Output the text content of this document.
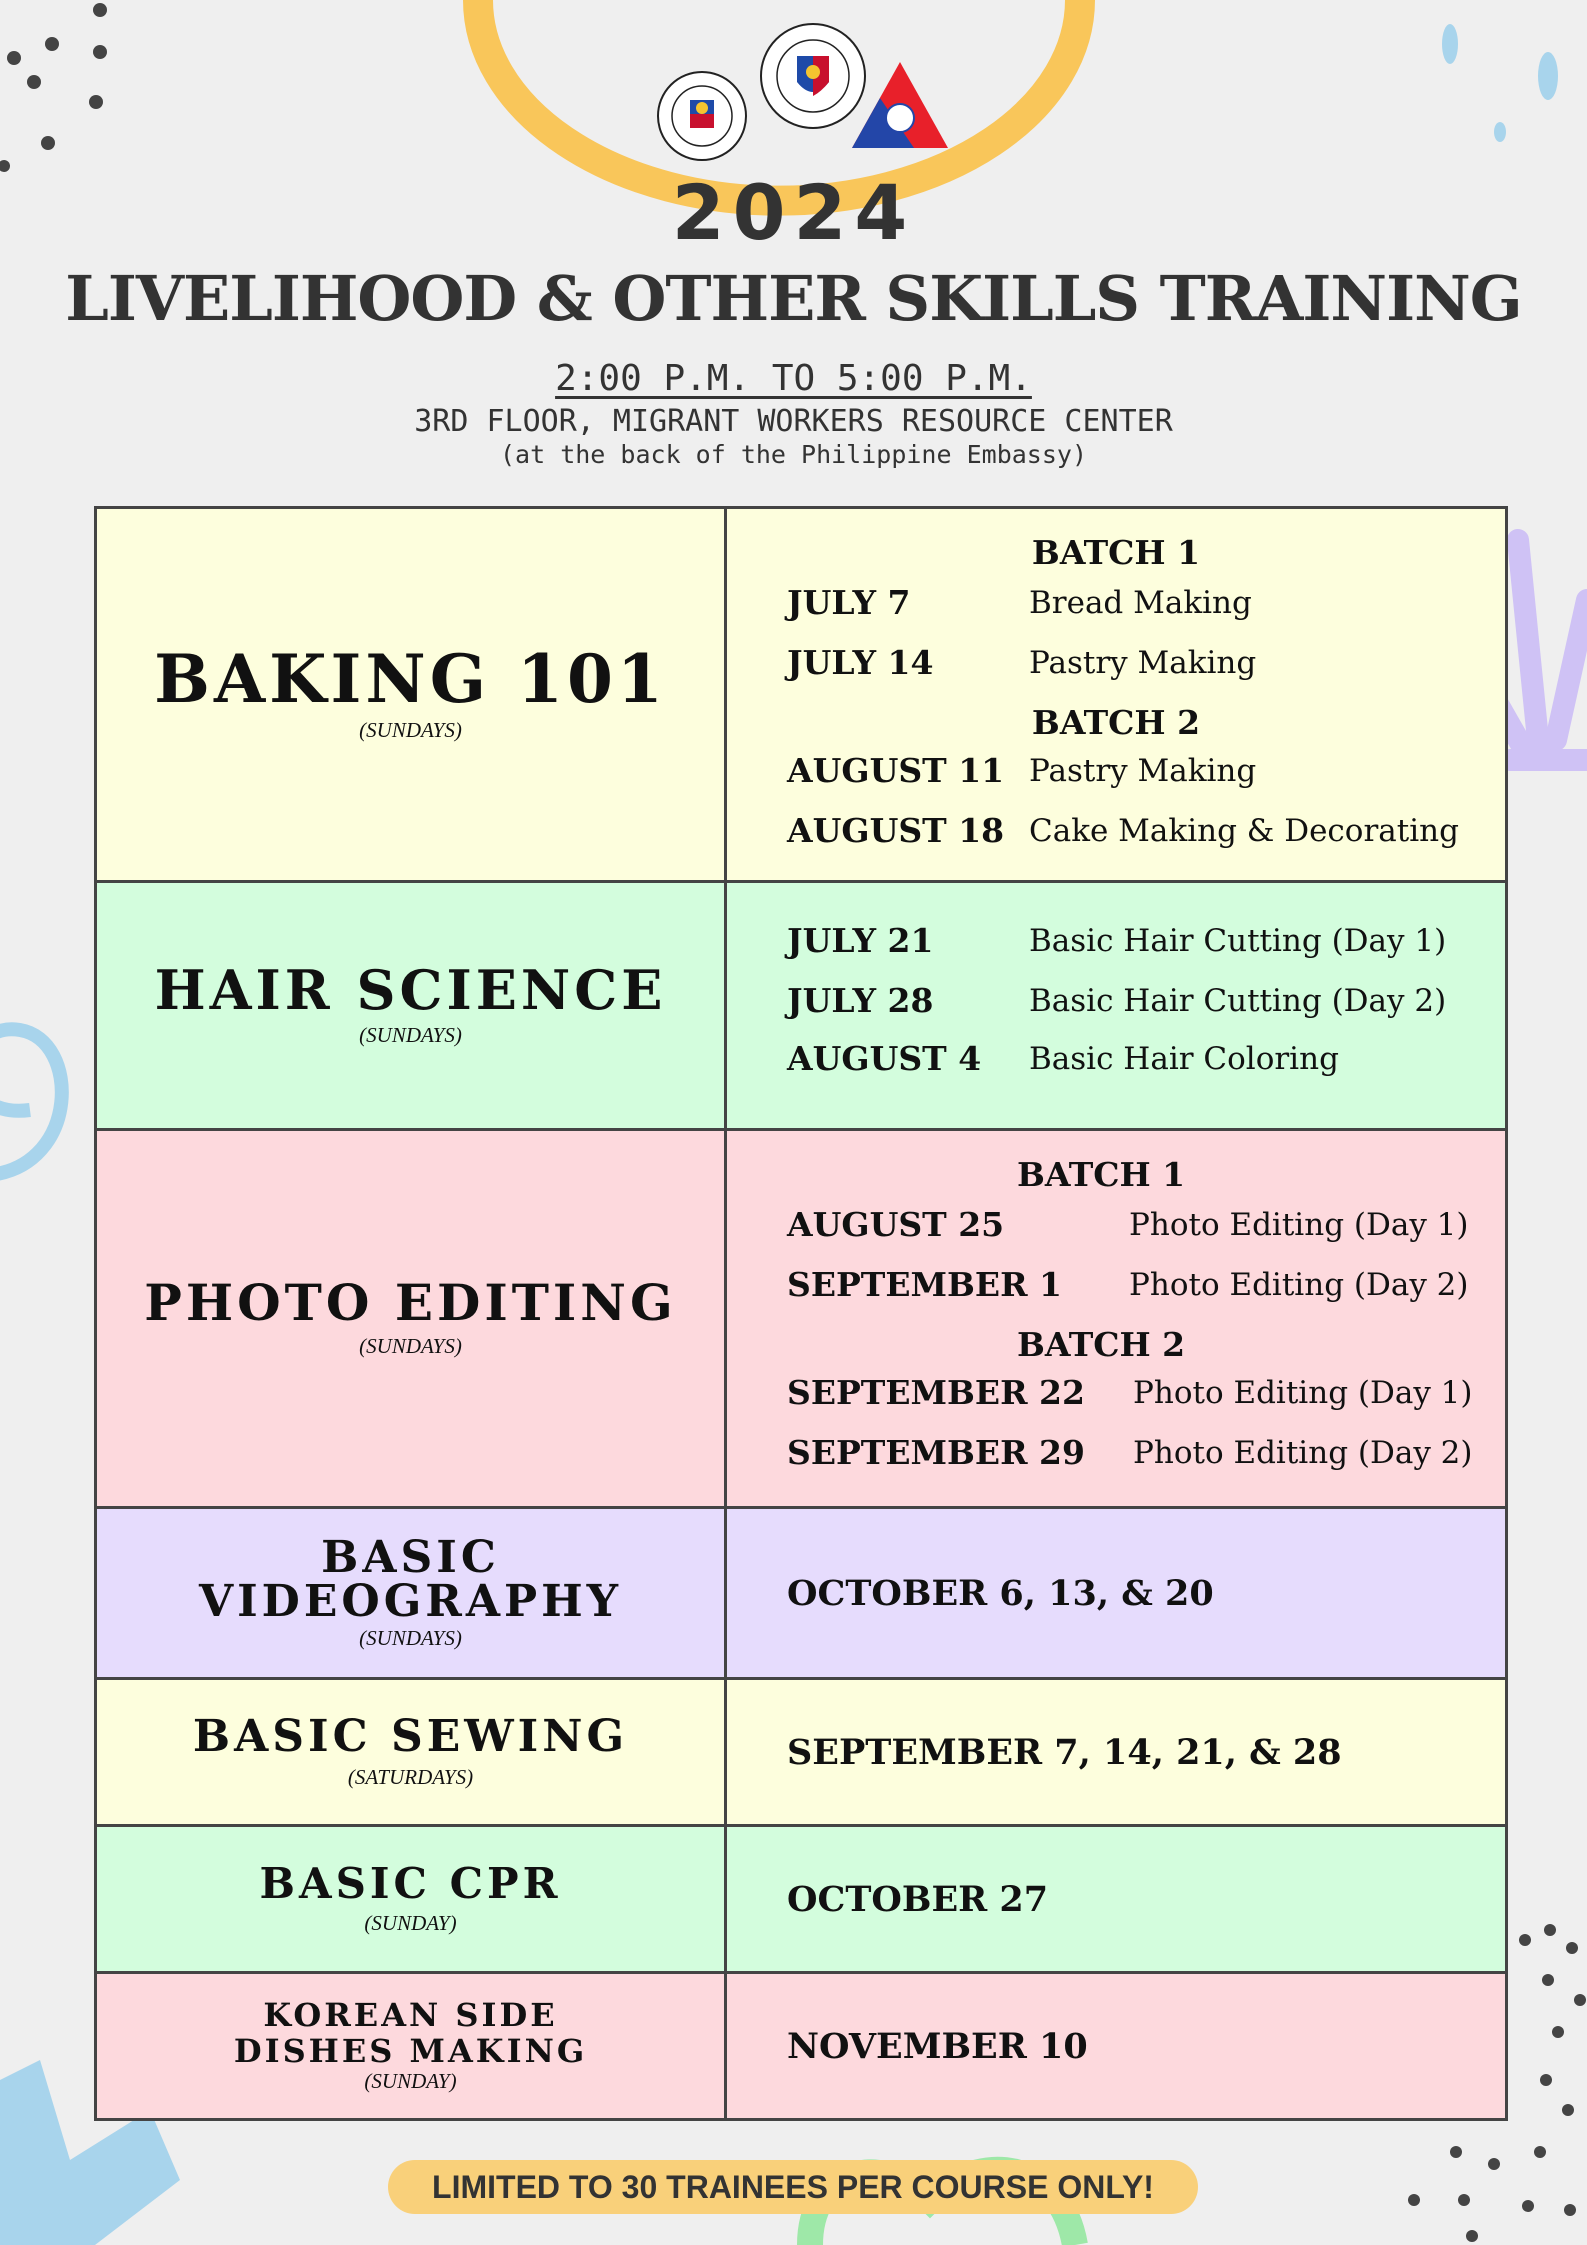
2024
LIVELIHOOD & OTHER SKILLS TRAINING
2:00 P.M. TO 5:00 P.M.
3RD FLOOR, MIGRANT WORKERS RESOURCE CENTER
(at the back of the Philippine Embassy)
BAKING 101
(SUNDAYS)
BATCH 1
JULY 7	Bread Making
JULY 14	Pastry Making
BATCH 2
AUGUST 11 Pastry Making
AUGUST 18 Cake Making & Decorating
HAIR SCIENCE
(SUNDAYS)
JULY 21	Basic Hair Cutting (Day 1)
JULY 28	Basic Hair Cutting (Day 2)
AUGUST 4 Basic Hair Coloring
PHOTO EDITING
(SUNDAYS)
BATCH 1
AUGUST 25	Photo Editing (Day 1)
SEPTEMBER 1 Photo Editing (Day 2)
BATCH 2
SEPTEMBER 22 Photo Editing (Day 1)
SEPTEMBER 29 Photo Editing (Day 2)
BASIC
VIDEOGRAPHY
(SUNDAYS)
OCTOBER 6, 13, & 20
BASIC SEWING
(SATURDAYS)
SEPTEMBER 7, 14, 21, & 28
BASIC CPR
(SUNDAY)
OCTOBER 27
KOREAN SIDE
DISHES MAKING
(SUNDAY)
NOVEMBER 10
LIMITED TO 30 TRAINEES PER COURSE ONLY!
